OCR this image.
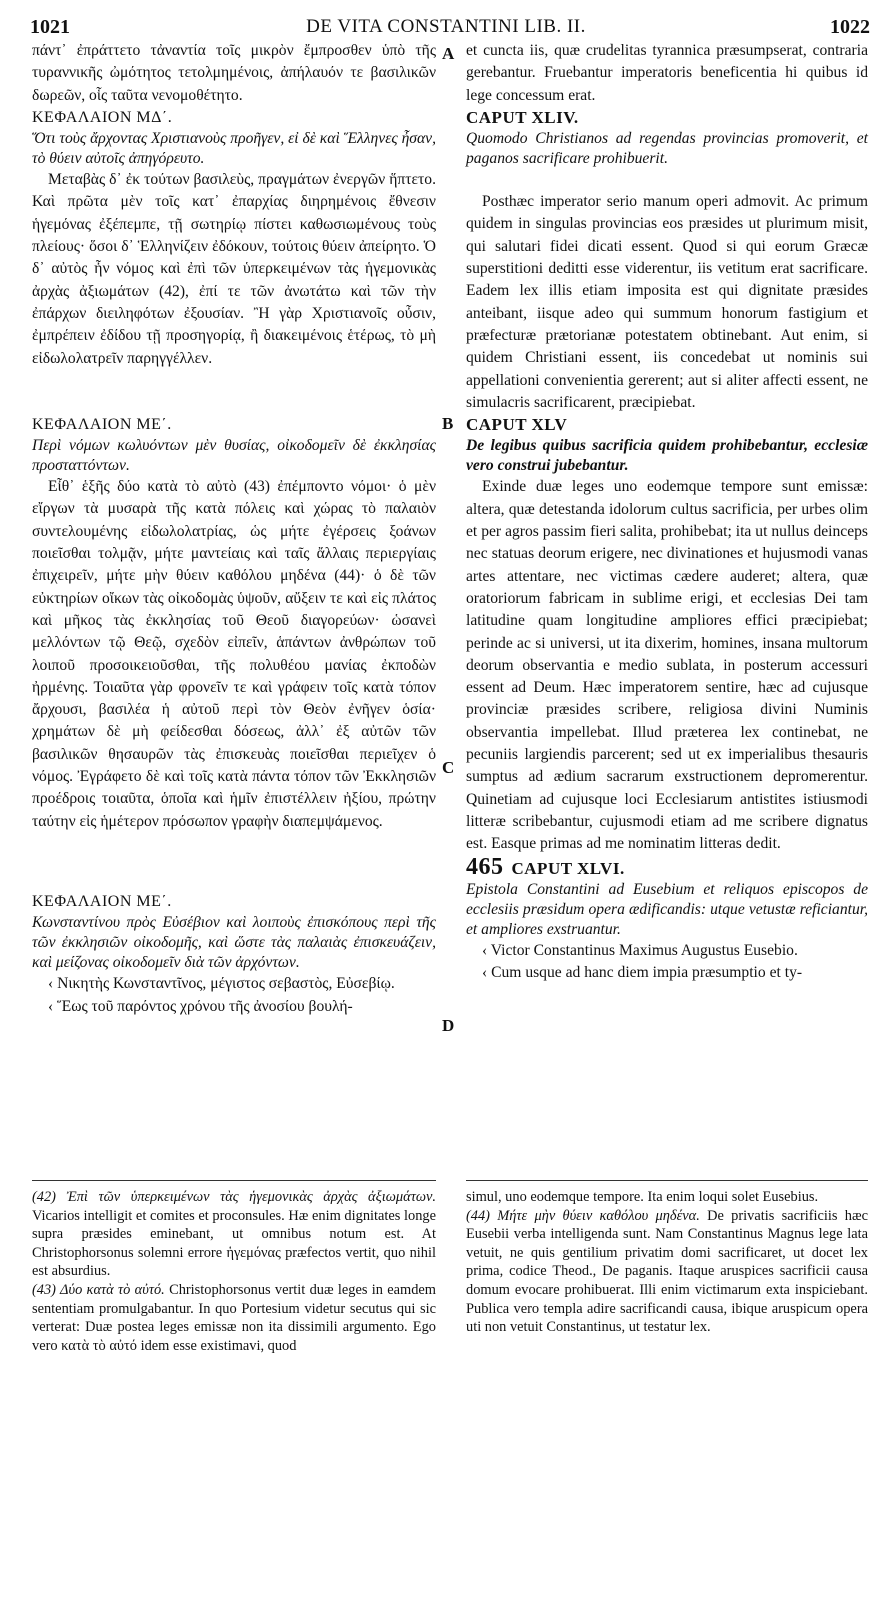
1021	DE VITA CONSTANTINI LIB. II.	1022

πάντ᾽ ἐπράττετο τἀναντία τοῖς μικρὸν ἔμπροσθεν ὑπὸ τῆς τυραννικῆς ὠμότητος τετολμημένοις, ἀπήλαυόν τε βασιλικῶν δωρεῶν, οἷς ταῦτα νενομοθέτητο.

ΚΕΦΑΛΑΙΟΝ ΜΔ΄.

Ὅτι τοὺς ἄρχοντας Χριστιανοὺς προῆγεν, εἰ δὲ καὶ Ἕλληνες ἦσαν, τὸ θύειν αὐτοῖς ἀπηγόρευτο.

Μεταβὰς δ᾽ ἐκ τούτων βασιλεὺς, πραγμάτων ἐνεργῶν ἥπτετο. Καὶ πρῶτα μὲν τοῖς κατ᾽ ἐπαρχίας διηρημένοις ἔθνεσιν ἡγεμόνας ἐξέπεμπε, τῇ σωτηρίῳ πίστει καθωσιωμένους τοὺς πλείους· ὅσοι δ᾽ Ἑλληνίζειν ἐδόκουν, τούτοις θύειν ἀπείρητο. Ὁ δ᾽ αὐτὸς ἦν νόμος καὶ ἐπὶ τῶν ὑπερκειμένων τὰς ἡγεμονικὰς ἀρχὰς ἀξιωμάτων (42), ἐπί τε τῶν ἀνωτάτω καὶ τῶν τὴν ἐπάρχων διειληφότων ἐξουσίαν. Ἢ γὰρ Χριστιανοῖς οὖσιν, ἐμπρέπειν ἐδίδου τῇ προσηγορίᾳ, ἢ διακειμένοις ἑτέρως, τὸ μὴ εἰδωλολατρεῖν παρηγγέλλεν.

ΚΕΦΑΛΑΙΟΝ ΜΕ΄.

Περὶ νόμων κωλυόντων μὲν θυσίας, οἰκοδομεῖν δὲ ἐκκλησίας προσταττόντων.

Εἶθ᾽ ἑξῆς δύο κατὰ τὸ αὐτὸ (43) ἐπέμποντο νόμοι· ὁ μὲν εἴργων τὰ μυσαρὰ τῆς κατὰ πόλεις καὶ χώρας τὸ παλαιὸν συντελουμένης εἰδωλολατρίας, ὡς μήτε ἐγέρσεις ξοάνων ποιεῖσθαι τολμᾷν, μήτε μαντείαις καὶ ταῖς ἄλλαις περιεργίαις ἐπιχειρεῖν, μήτε μὴν θύειν καθόλου μηδένα (44)· ὁ δὲ τῶν εὐκτηρίων οἴκων τὰς οἰκοδομὰς ὑψοῦν, αὔξειν τε καὶ εἰς πλάτος καὶ μῆκος τὰς ἐκκλησίας τοῦ Θεοῦ διαγορεύων· ὡσανεὶ μελλόντων τῷ Θεῷ, σχεδὸν εἰπεῖν, ἁπάντων ἀνθρώπων τοῦ λοιποῦ προσοικειοῦσθαι, τῆς πολυθέου μανίας ἐκποδὼν ἠρμένης. Τοιαῦτα γὰρ φρονεῖν τε καὶ γράφειν τοῖς κατὰ τόπον ἄρχουσι, βασιλέα ἡ αὐτοῦ περὶ τὸν Θεὸν ἐνῆγεν ὁσία· χρημάτων δὲ μὴ φείδεσθαι δόσεως, ἀλλ᾽ ἐξ αὐτῶν τῶν βασιλικῶν θησαυρῶν τὰς ἐπισκευὰς ποιεῖσθαι περιεῖχεν ὁ νόμος. Ἐγράφετο δὲ καὶ τοῖς κατὰ πάντα τόπον τῶν Ἐκκλησιῶν προέδροις τοιαῦτα, ὁποῖα καὶ ἡμῖν ἐπιστέλλειν ἠξίου, πρώτην ταύτην εἰς ἡμέτερον πρόσωπον γραφὴν διαπεμψάμενος.

ΚΕΦΑΛΑΙΟΝ ΜΕ΄.

Κωνσταντίνου πρὸς Εὐσέβιον καὶ λοιποὺς ἐπισκόπους περὶ τῆς τῶν ἐκκλησιῶν οἰκοδομῆς, καὶ ὥστε τὰς παλαιὰς ἐπισκευάζειν, καὶ μείζονας οἰκοδομεῖν διὰ τῶν ἀρχόντων.

‹ Νικητὴς Κωνσταντῖνος, μέγιστος σεβαστὸς, Εὐσεβίῳ.

‹ Ἕως τοῦ παρόντος χρόνου τῆς ἀνοσίου βουλή-

A
B
C
D

et cuncta iis, quæ crudelitas tyrannica præsumpserat, contraria gerebantur. Fruebantur imperatoris beneficentia hi quibus id lege concessum erat.

CAPUT XLIV.

Quomodo Christianos ad regendas provincias promoverit, et paganos sacrificare prohibuerit.

Posthæc imperator serio manum operi admovit. Ac primum quidem in singulas provincias eos præsides ut plurimum misit, qui salutari fidei dicati essent. Quod si qui eorum Græcæ superstitioni deditti esse viderentur, iis vetitum erat sacrificare. Eadem lex illis etiam imposita est qui dignitate præsides anteibant, iisque adeo qui summum honorum fastigium et præfecturæ prætorianæ potestatem obtinebant. Aut enim, si quidem Christiani essent, iis concedebat ut nominis sui appellationi convenientia gererent; aut si aliter affecti essent, ne simulacris sacrificarent, præcipiebat.

CAPUT XLV

De legibus quibus sacrificia quidem prohibebantur, ecclesiæ vero construi jubebantur.

Exinde duæ leges uno eodemque tempore sunt emissæ: altera, quæ detestanda idolorum cultus sacrificia, per urbes olim et per agros passim fieri salita, prohibebat; ita ut nullus deinceps nec statuas deorum erigere, nec divinationes et hujusmodi vanas artes attentare, nec victimas cædere auderet; altera, quæ oratoriorum fabricam in sublime erigi, et ecclesias Dei tam latitudine quam longitudine ampliores effici præcipiebat; perinde ac si universi, ut ita dixerim, homines, insana multorum deorum observantia e medio sublata, in posterum accessuri essent ad Deum. Hæc imperatorem sentire, hæc ad cujusque provinciæ præsides scribere, religiosa divini Numinis observantia impellebat. Illud præterea lex continebat, ne pecuniis largiendis parcerent; sed ut ex imperialibus thesauris sumptus ad ædium sacrarum exstructionem depromerentur. Quinetiam ad cujusque loci Ecclesiarum antistites istiusmodi litteræ scribebantur, cujusmodi etiam ad me scribere dignatus est. Easque primas ad me nominatim litteras dedit.

465 CAPUT XLVI.

Epistola Constantini ad Eusebium et reliquos episcopos de ecclesiis præsidum opera ædificandis: utque vetustæ reficiantur, et ampliores exstruantur.

‹ Victor Constantinus Maximus Augustus Eusebio.

‹ Cum usque ad hanc diem impia præsumptio et ty-

(42) Ἐπὶ τῶν ὑπερκειμένων τὰς ἡγεμονικὰς ἀρχὰς ἀξιωμάτων. Vicarios intelligit et comites et proconsules. Hæ enim dignitates longe supra præsides eminebant, ut omnibus notum est. At Christophorsonus solemni errore ἡγεμόνας præfectos vertit, quo nihil est absurdius.

(43) Δύο κατὰ τὸ αὐτό. Christophorsonus vertit duæ leges in eamdem sententiam promulgabantur. In quo Portesium videtur secutus qui sic verterat: Duæ postea leges emissæ non ita dissimili argumento. Ego vero κατὰ τὸ αὐτό idem esse existimavi, quod

simul, uno eodemque tempore. Ita enim loqui solet Eusebius.

(44) Μήτε μὴν θύειν καθόλου μηδένα. De privatis sacrificiis hæc Eusebii verba intelligenda sunt. Nam Constantinus Magnus lege lata vetuit, ne quis gentilium privatim domi sacrificaret, ut docet lex prima, codice Theod., De paganis. Itaque aruspices sacrificii causa domum evocare prohibuerat. Illi enim victimarum exta inspiciebant. Publica vero templa adire sacrificandi causa, ibique aruspicum opera uti non vetuit Constantinus, ut testatur lex.
